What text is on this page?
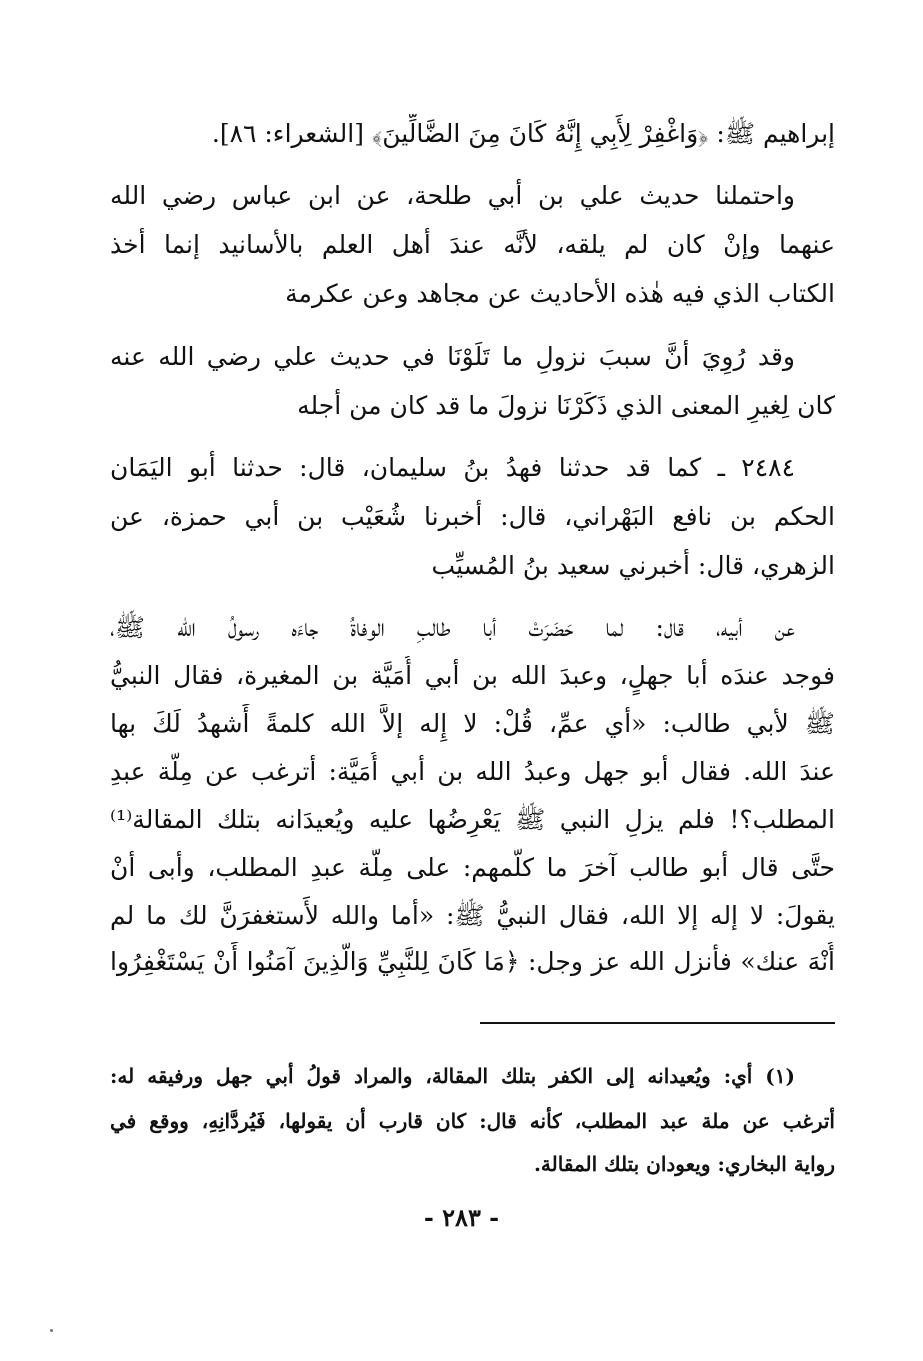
إبراهيم ﷺ: ﴿وَاغْفِرْ لِأَبِي إِنَّهُ كَانَ مِنَ الضَّالِّينَ﴾ [الشعراء: ٨٦].
واحتملنا حديث علي بن أبي طلحة، عن ابن عباس رضي الله
عنهما وإنْ كان لم يلقه، لأنَّه عندَ أهل العلم بالأسانيد إنما أخذ
الكتاب الذي فيه هٰذه الأحاديث عن مجاهد وعن عكرمة
وقد رُوِيَ أنَّ سببَ نزولِ ما تَلَوْنَا في حديث علي رضي الله عنه
كان لِغيرِ المعنى الذي ذَكَرْنَا نزولَ ما قد كان من أجله
٢٤٨٤ ـ كما قد حدثنا فهدُ بنُ سليمان، قال: حدثنا أبو اليَمَان
الحكم بن نافع البَهْراني، قال: أخبرنا شُعَيْب بن أبي حمزة، عن
الزهري، قال: أخبرني سعيد بنُ المُسيِّب
عن أبيه، قال: لما حَضَرَتْ أبا طالبِ الوفاةُ جاءَه رسولُ الله ﷺ،
فوجد عندَه أبا جهلٍ، وعبدَ الله بن أبي أُمَيَّة بن المغيرة، فقال النبيُّ
ﷺ لأبي طالب: «أي عمِّ، قُلْ: لا إِله إلاَّ الله كلمةً أَشهدُ لَكَ بها
عندَ الله. فقال أبو جهل وعبدُ الله بن أبي أُمَيَّة: أترغب عن مِلَّة عبدِ
المطلب؟! فلم يزلِ النبي ﷺ يَعْرِضُها عليه ويُعيدَانه بتلك المقالة⁽¹⁾
حتَّى قال أبو طالب آخرَ ما كلَّمهم: على مِلَّة عبدِ المطلب، وأبى أنْ
يقولَ: لا إله إلا الله، فقال النبيُّ ﷺ: «أما والله لأَستغفرَنَّ لك ما لم
أُنْهَ عنك» فأنزل الله عز وجل: ﴿مَا كَانَ لِلنَّبِيِّ وَالَّذِينَ آمَنُوا أَنْ يَسْتَغْفِرُوا
(١) أي: ويُعيدانه إلى الكفر بتلك المقالة، والمراد قولُ أبي جهل ورفيقه له:
أترغب عن ملة عبد المطلب، كأنه قال: كان قارب أن يقولها، فَيُردَّانِهِ، ووقع في
رواية البخاري: ويعودان بتلك المقالة.
- ٢٨٣ -
